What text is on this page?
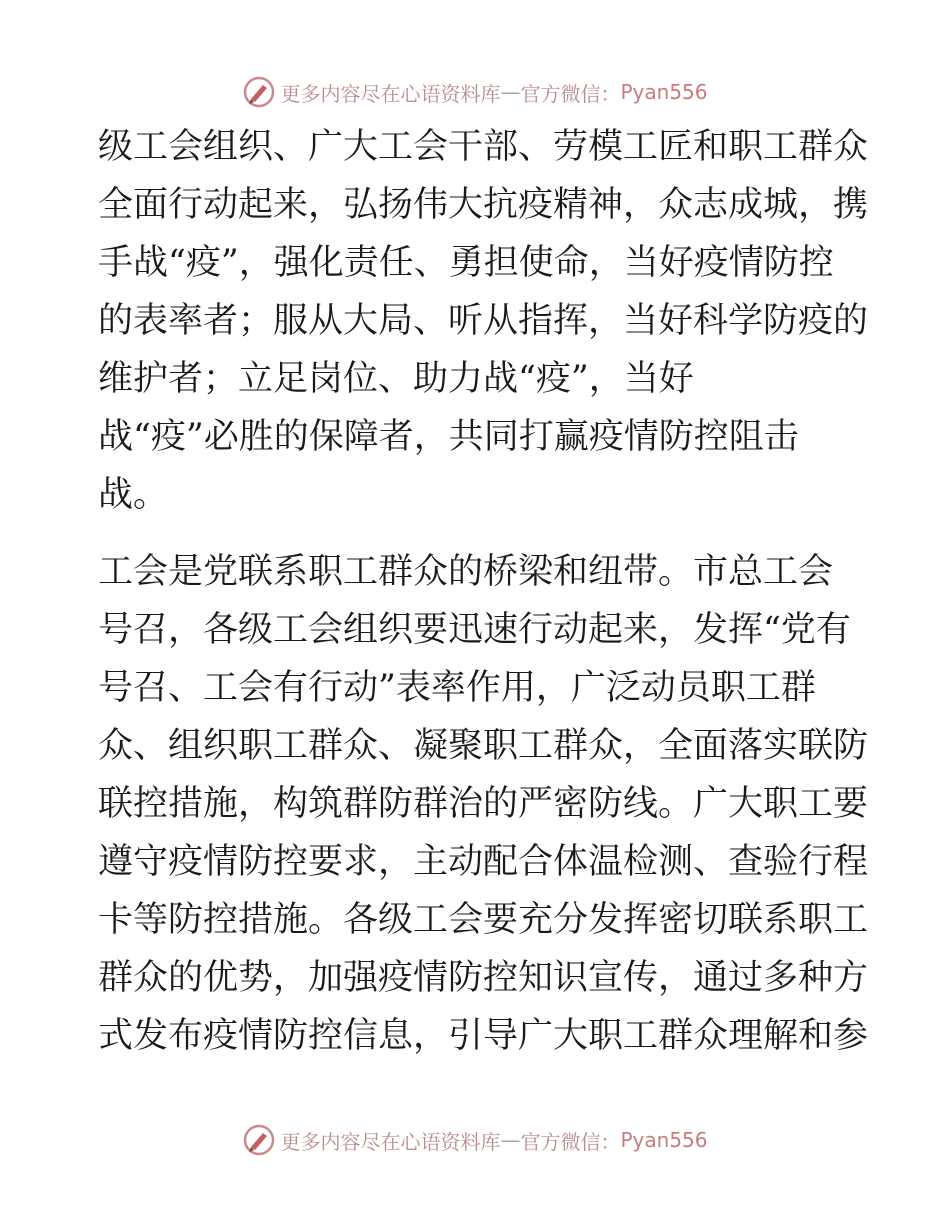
更多内容尽在心语资料库 — 官方微信： Pyan556
级工会组织、广大工会干部、劳模工匠和职工群众
全面行动起来，弘扬伟大抗疫精神，众志成城，携
手战“疫”，强化责任、勇担使命，当好疫情防控
的表率者；服从大局、听从指挥，当好科学防疫的
维护者；立足岗位、助力战“疫”，当好
战“疫”必胜的保障者，共同打赢疫情防控阻击
战。
工会是党联系职工群众的桥梁和纽带。市总工会
号召，各级工会组织要迅速行动起来，发挥“党有
号召、工会有行动”表率作用，广泛动员职工群
众、组织职工群众、凝聚职工群众，全面落实联防
联控措施，构筑群防群治的严密防线。广大职工要
遵守疫情防控要求，主动配合体温检测、查验行程
卡等防控措施。各级工会要充分发挥密切联系职工
群众的优势，加强疫情防控知识宣传，通过多种方
式发布疫情防控信息，引导广大职工群众理解和参
更多内容尽在心语资料库 — 官方微信： Pyan556
